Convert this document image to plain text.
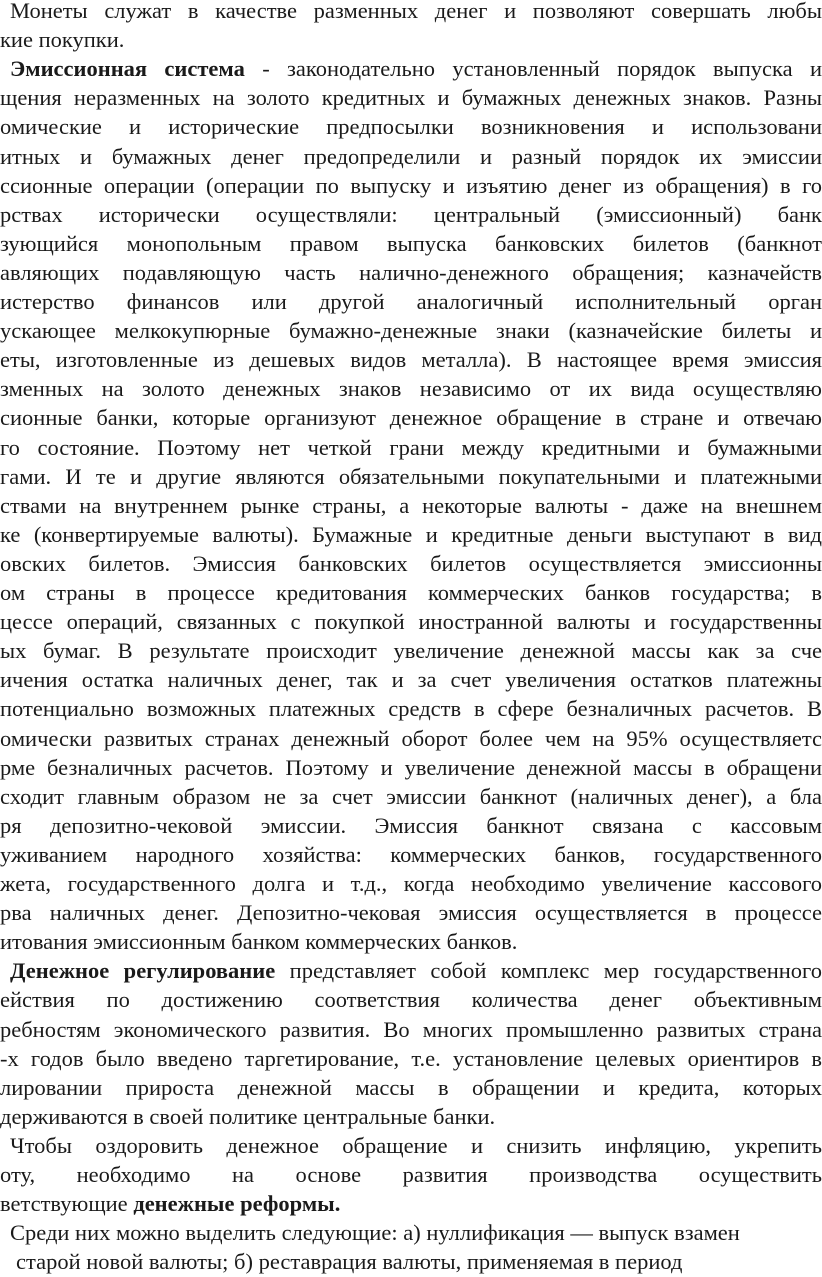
Монеты служат в качестве разменных денег и позволяют совершать любы
кие покупки.
Эмиссионная система - законодательно установленный порядок выпуска и
щения неразменных на золото кредитных и бумажных денежных знаков. Разны
омические и исторические предпосылки возникновения и использовани
итных и бумажных денег предопределили и разный порядок их эмиссии
ссионные операции (операции по выпуску и изъятию денег из обращения) в го
рствах исторически осуществляли: центральный (эмиссионный) банк
зующийся монопольным правом выпуска банковских билетов (банкнот
авляющих подавляющую часть налично-денежного обращения; казначейств
истерство финансов или другой аналогичный исполнительный орган
ускающее мелкокупюрные бумажно-денежные знаки (казначейские билеты и
еты, изготовленные из дешевых видов металла). В настоящее время эмиссия
зменных на золото денежных знаков независимо от их вида осуществляю
сионные банки, которые организуют денежное обращение в стране и отвечаю
го состояние. Поэтому нет четкой грани между кредитными и бумажными
гами. И те и другие являются обязательными покупательными и платежными
ствами на внутреннем рынке страны, а некоторые валюты - даже на внешнем
ке (конвертируемые валюты). Бумажные и кредитные деньги выступают в вид
овских билетов. Эмиссия банковских билетов осуществляется эмиссионны
ом страны в процессе кредитования коммерческих банков государства; в
цессе операций, связанных с покупкой иностранной валюты и государственны
ых бумаг. В результате происходит увеличение денежной массы как за сче
ичения остатка наличных денег, так и за счет увеличения остатков платежны
потенциально возможных платежных средств в сфере безналичных расчетов. В
омически развитых странах денежный оборот более чем на 95% осуществляетс
рме безналичных расчетов. Поэтому и увеличение денежной массы в обращени
сходит главным образом не за счет эмиссии банкнот (наличных денег), а бла
ря депозитно-чековой эмиссии. Эмиссия банкнот связана с кассовым
уживанием народного хозяйства: коммерческих банков, государственного
жета, государственного долга и т.д., когда необходимо увеличение кассового
рва наличных денег. Депозитно-чековая эмиссия осуществляется в процессе
итования эмиссионным банком коммерческих банков.
Денежное регулирование представляет собой комплекс мер государственного
ействия по достижению соответствия количества денег объективным
ребностям экономического развития. Во многих промышленно развитых страна
-х годов было введено таргетирование, т.е. установление целевых ориентиров в
лировании прироста денежной массы в обращении и кредита, которых
держиваются в своей политике центральные банки.
Чтобы оздоровить денежное обращение и снизить инфляцию, укрепить
оту, необходимо на основе развития производства осуществить
ветствующие денежные реформы.
Среди них можно выделить следующие: а) нуллификация — выпуск взамен
старой новой валюты; б) реставрация валюты, применяемая в период
